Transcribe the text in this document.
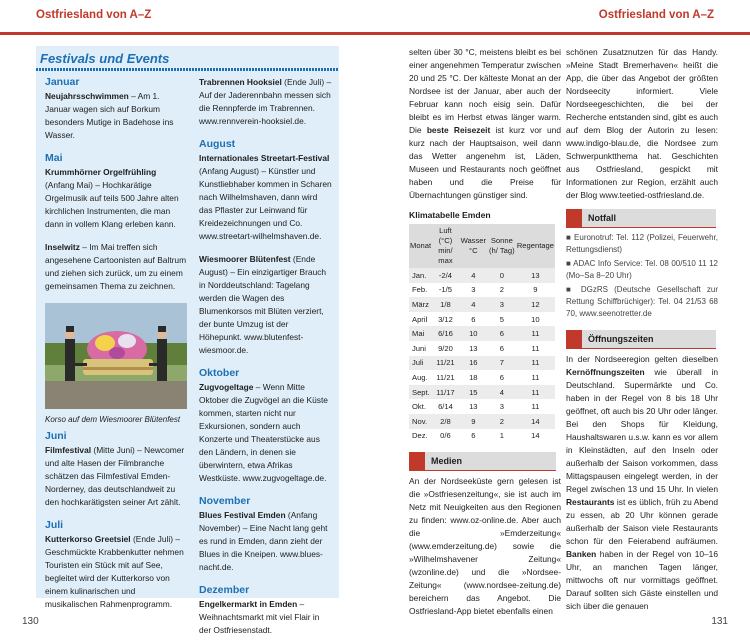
Ostfriesland von A–Z	Ostfriesland von A–Z
Festivals und Events
Januar

Neujahrsschwimmen – Am 1. Januar wagen sich auf Borkum besonders Mutige in Badehose ins Wasser.

Mai

Krummhörner Orgelfrühling (Anfang Mai) – Hochkarätige Orgelmusik auf teils 500 Jahre alten kirchlichen Instrumenten, die man dann in vollem Klang erleben kann.

Inselwitz – Im Mai treffen sich angesehene Cartoonisten auf Baltrum und ziehen sich zurück, um zu einem gemeinsamen Thema zu zeichnen.

Korso auf dem Wiesmoorer Blütenfest
Juni

Filmfestival (Mitte Juni) – Newcomer und alte Hasen der Filmbranche schätzen das Filmfestival Emden-Norderney, das deutschlandweit zu den hochkarätigsten seiner Art zählt.

Juli

Kutterkorso Greetsiel (Ende Juli) – Geschmückte Krabbenkutter nehmen Touristen ein Stück mit auf See, begleitet wird der Kutterkorso von einem kulinarischen und musikalischen Rahmenprogramm.

Trabrennen Hooksiel (Ende Juli) – Auf der Jaderennbahn messen sich die Rennpferde im Trabrennen. www.rennverein-hooksiel.de.

August

Internationales Streetart-Festival (Anfang August) – Künstler und Kunstliebhaber kommen in Scharen nach Wilhelmshaven, dann wird das Pflaster zur Leinwand für Kreidezeichnungen und Co. www.streetart-wilhelmshaven.de.

Wiesmoorer Blütenfest (Ende August) – Ein einzigartiger Brauch in Norddeutschland: Tagelang werden die Wagen des Blumenkorsos mit Blüten verziert, der bunte Umzug ist der Höhepunkt. www.blutenfest-wiesmoor.de.

Oktober

Zugvogeltage – Wenn Mitte Oktober die Zugvögel an die Küste kommen, starten nicht nur Exkursionen, sondern auch Konzerte und Theaterstücke aus den Ländern, in denen sie überwintern, etwa Afrikas Westküste. www.zugvogeltage.de.

November

Blues Festival Emden (Anfang November) – Eine Nacht lang geht es rund in Emden, dann zieht der Blues in die Kneipen. www.blues-nacht.de.

Dezember

Engelkermarkt in Emden – Weihnachtsmarkt mit viel Flair in der Ostfriesenstadt.

selten über 30 °C, meistens bleibt es bei einer angenehmen Temperatur zwischen 20 und 25 °C. Der kälteste Monat an der Nordsee ist der Januar, aber auch der Februar kann noch eisig sein. Dafür bleibt es im Herbst etwas länger warm. Die beste Reisezeit ist kurz vor und kurz nach der Hauptsaison, weil dann das Wetter angenehm ist, Läden, Museen und Restaurants noch geöffnet haben und die Preise für Übernachtungen günstiger sind.
Klimatabelle Emden
Monat	Luft (°C) min/ max	Wasser °C	Sonne (h/ Tag)	Regentage
Jan.	-2/4	4	0	13
Feb.	-1/5	3	2	9
März	1/8	4	3	12
April	3/12	6	5	10
Mai	6/16	10	6	11
Juni	9/20	13	6	11
Juli	11/21	16	7	11
Aug.	11/21	18	6	11
Sept.	11/17	15	4	11
Okt.	6/14	13	3	11
Nov.	2/8	9	2	14
Dez.	0/6	6	1	14
Medien
An der Nordseeküste gern gelesen ist die »Ostfriesenzeitung«, sie ist auch im Netz mit Neuigkeiten aus den Regionen zu finden: www.oz-online.de. Aber auch die »Emderzeitung« (www.emderzeitung.de) sowie die »Wilhelmshavener Zeitung« (wzonline.de) und die »Nordsee-Zeitung« (www.nordsee-zeitung.de) bereichern das Angebot. Die Ostfriesland-App bietet ebenfalls einen
schönen Zusatznutzen für das Handy. »Meine Stadt Bremerhaven« heißt die App, die über das Angebot der größten Nordseecity informiert. Viele Nordseegeschichten, die bei der Recherche entstanden sind, gibt es auch auf dem Blog der Autorin zu lesen: www.indigo-blau.de, die Nordsee zum Schwerpunktthema hat. Geschichten aus Ostfriesland, gespickt mit Informationen zur Region, erzählt auch der Blog www.teetied-ostfriesland.de.
Notfall
■ Euronotruf: Tel. 112 (Polizei, Feuerwehr, Rettungsdienst)
■ ADAC Info Service: Tel. 08 00/510 11 12 (Mo–Sa 8–20 Uhr)
■ DGzRS (Deutsche Gesellschaft zur Rettung Schiffbrüchiger): Tel. 04 21/53 68 70, www.seenotretter.de
Öffnungszeiten
In der Nordseeregion gelten dieselben Kernöffnungszeiten wie überall in Deutschland. Supermärkte und Co. haben in der Regel von 8 bis 18 Uhr geöffnet, oft auch bis 20 Uhr oder länger. Bei den Shops für Kleidung, Haushaltswaren u.s.w. kann es vor allem in Kleinstädten, auf den Inseln oder außerhalb der Saison vorkommen, dass Mittagspausen eingelegt werden, in der Regel zwischen 13 und 15 Uhr. In vielen Restaurants ist es üblich, früh zu Abend zu essen, ab 20 Uhr können gerade außerhalb der Saison viele Restaurants schon für den Feierabend aufräumen. Banken haben in der Regel von 10–16 Uhr, an manchen Tagen länger, mittwochs oft nur vormittags geöffnet. Darauf sollten sich Gäste einstellen und sich über die genauen
130	131
